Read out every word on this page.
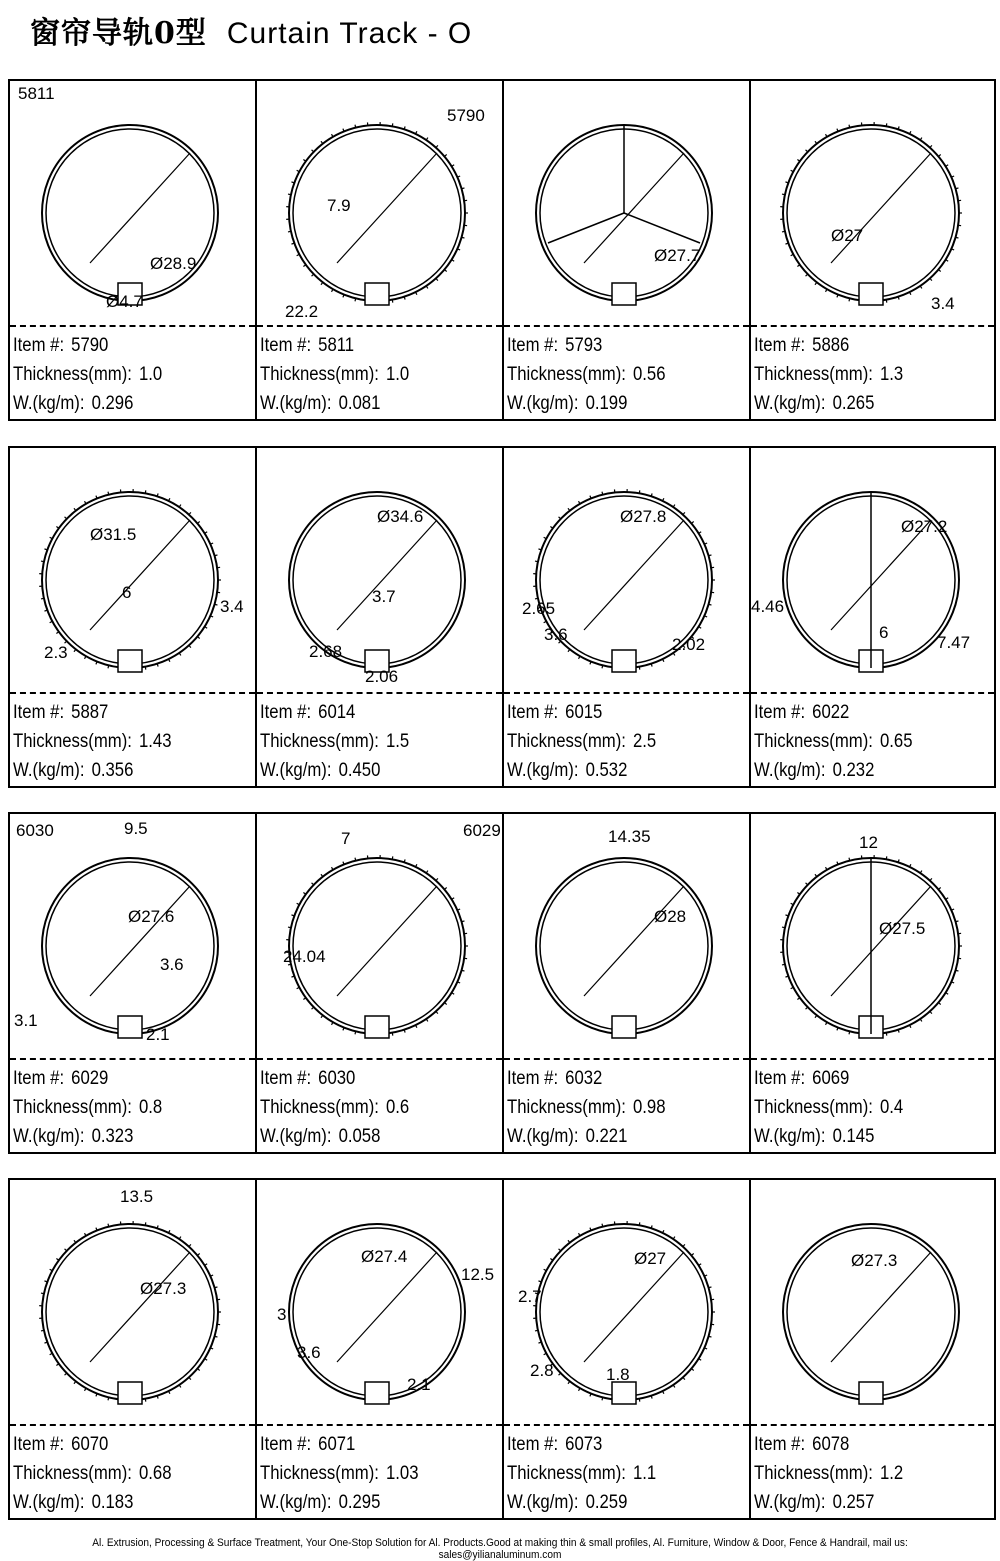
窗帘导轨0型 Curtain Track - O
5811
Ø28.9
Ø4.7
Item #: 5790
Thickness(mm): 1.0
W.(kg/m): 0.296
7.9
5790
22.2
Item #: 5811
Thickness(mm): 1.0
W.(kg/m): 0.081
Ø27.7
Item #: 5793
Thickness(mm): 0.56
W.(kg/m): 0.199
Ø27
3.4
Item #: 5886
Thickness(mm): 1.3
W.(kg/m): 0.265
Ø31.5
6
3.4
2.3
Item #: 5887
Thickness(mm): 1.43
W.(kg/m): 0.356
Ø34.6
3.7
2.68
2.06
Item #: 6014
Thickness(mm): 1.5
W.(kg/m): 0.450
Ø27.8
2.65
3.6
2.02
Item #: 6015
Thickness(mm): 2.5
W.(kg/m): 0.532
Ø27.2
4.46
6
7.47
Item #: 6022
Thickness(mm): 0.65
W.(kg/m): 0.232
6030	9.5
Ø27.6
3.6
3.1
2.1
Item #: 6029
Thickness(mm): 0.8
W.(kg/m): 0.323
7	6029
24.04
Item #: 6030
Thickness(mm): 0.6
W.(kg/m): 0.058
14.35
Ø28
Item #: 6032
Thickness(mm): 0.98
W.(kg/m): 0.221
12
Ø27.5
Item #: 6069
Thickness(mm): 0.4
W.(kg/m): 0.145
13.5
Ø27.3
Item #: 6070
Thickness(mm): 0.68
W.(kg/m): 0.183
Ø27.4
12.5
3
3.6
2.1
Item #: 6071
Thickness(mm): 1.03
W.(kg/m): 0.295
Ø27
2.7
2.8	1.8
Item #: 6073
Thickness(mm): 1.1
W.(kg/m): 0.259
Ø27.3
Item #: 6078
Thickness(mm): 1.2
W.(kg/m): 0.257
Al. Extrusion, Processing & Surface Treatment, Your One-Stop Solution for Al. Products.Good at making thin & small profiles, Al. Furniture, Window & Door, Fence & Handrail, mail us: sales@yilianaluminum.com
